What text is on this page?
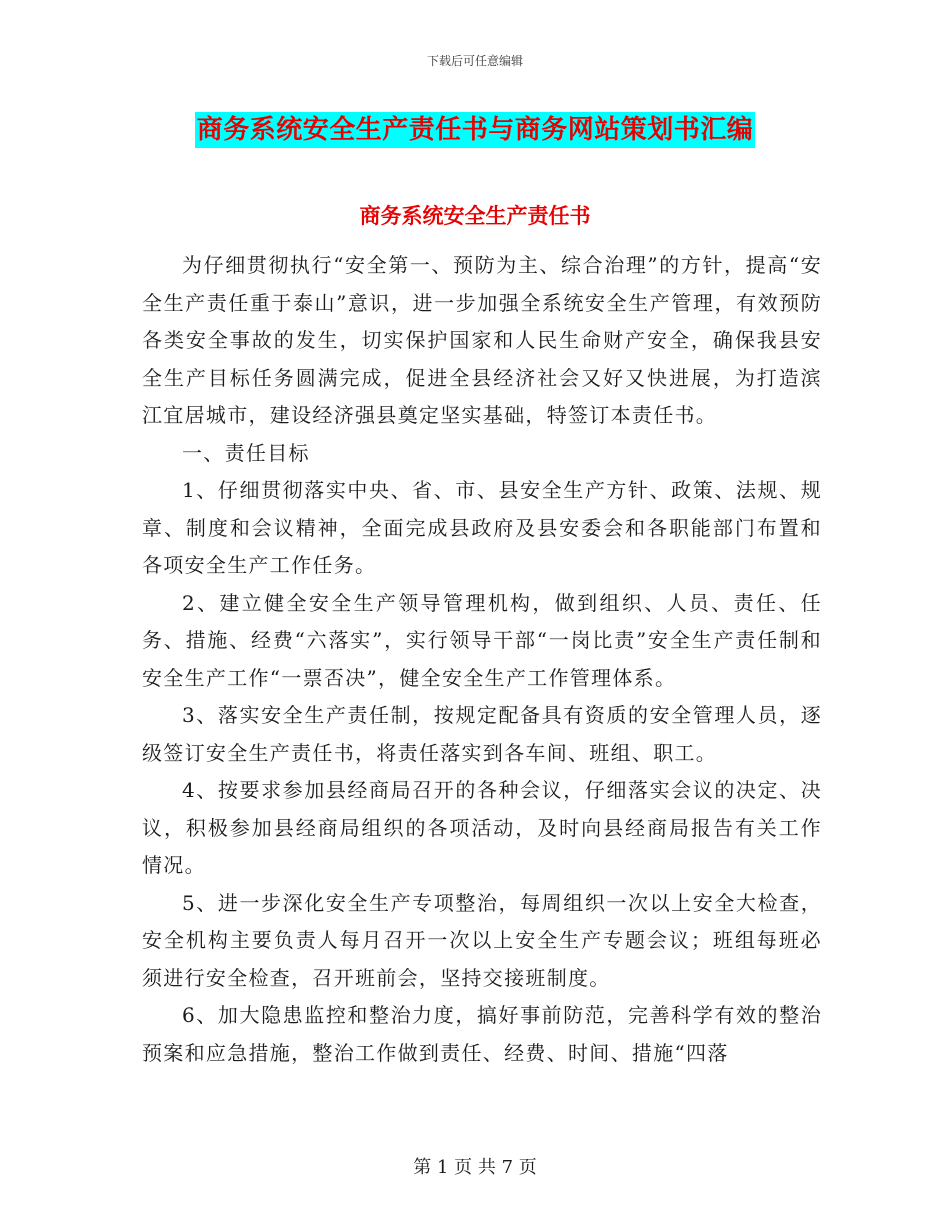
下载后可任意编辑
商务系统安全生产责任书与商务网站策划书汇编
商务系统安全生产责任书

为仔细贯彻执行“安全第一、预防为主、综合治理”的方针，提高“安全生产责任重于泰山”意识，进一步加强全系统安全生产管理，有效预防各类安全事故的发生，切实保护国家和人民生命财产安全，确保我县安全生产目标任务圆满完成，促进全县经济社会又好又快进展，为打造滨江宜居城市，建设经济强县奠定坚实基础，特签订本责任书。

一、责任目标

1、仔细贯彻落实中央、省、市、县安全生产方针、政策、法规、规章、制度和会议精神，全面完成县政府及县安委会和各职能部门布置和各项安全生产工作任务。

2、建立健全安全生产领导管理机构，做到组织、人员、责任、任务、措施、经费“六落实”，实行领导干部“一岗比责”安全生产责任制和安全生产工作“一票否决”，健全安全生产工作管理体系。

3、落实安全生产责任制，按规定配备具有资质的安全管理人员，逐级签订安全生产责任书，将责任落实到各车间、班组、职工。

4、按要求参加县经商局召开的各种会议，仔细落实会议的决定、决议，积极参加县经商局组织的各项活动，及时向县经商局报告有关工作情况。

5、进一步深化安全生产专项整治，每周组织一次以上安全大检查，安全机构主要负责人每月召开一次以上安全生产专题会议；班组每班必须进行安全检查，召开班前会，坚持交接班制度。

6、加大隐患监控和整治力度，搞好事前防范，完善科学有效的整治预案和应急措施，整治工作做到责任、经费、时间、措施“四落

第 1 页 共 7 页
